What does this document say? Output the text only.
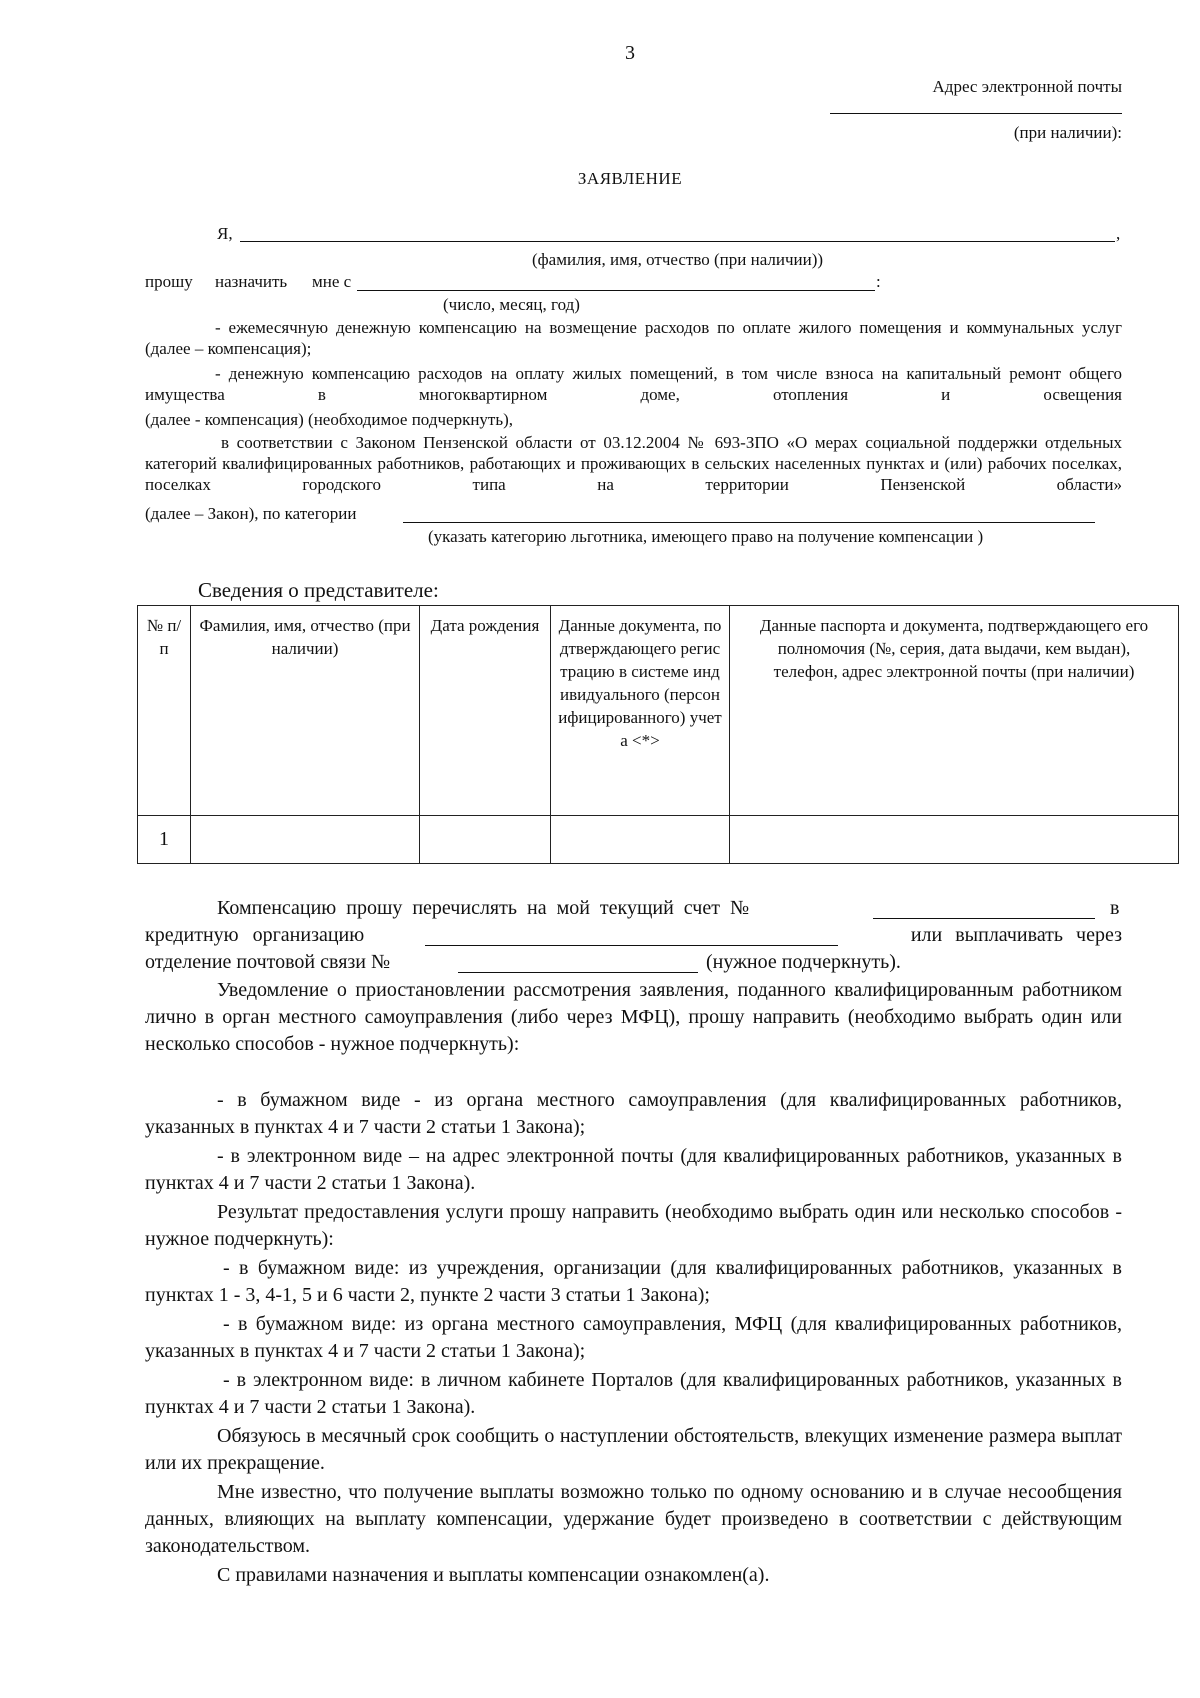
3
Адрес электронной почты
(при наличии):
ЗАЯВЛЕНИЕ
Я,	,
(фамилия, имя, отчество (при наличии))
прошу назначить мне с	:
(число, месяц, год)
- ежемесячную денежную компенсацию на возмещение расходов по оплате жилого помещения и коммунальных услуг (далее – компенсация);
- денежную компенсацию расходов на оплату жилых помещений, в том числе взноса на капитальный ремонт общего имущества в многоквартирном доме, отопления и освещения
(далее - компенсация) (необходимое подчеркнуть),
в соответствии с Законом Пензенской области от 03.12.2004 № 693-ЗПО «О мерах социальной поддержки отдельных категорий квалифицированных работников, работающих и проживающих в сельских населенных пунктах и (или) рабочих поселках, поселках городского типа на территории Пензенской области»
(далее – Закон), по категории
(указать категорию льготника, имеющего право на получение компенсации )
Сведения о представителе:
№ п/п	Фамилия, имя, отчество (при наличии)	Дата рождения	Данные документа, подтверждающего регистрацию в системе индивидуального (персонифицированного) учета <*>	Данные паспорта и документа, подтверждающего его полномочия (№, серия, дата выдачи, кем выдан), телефон, адрес электронной почты (при наличии)
1				
Компенсацию прошу перечислять на мой текущий счет №	в
кредитную организацию	или выплачивать через
отделение почтовой связи №	(нужное подчеркнуть).
Уведомление о приостановлении рассмотрения заявления, поданного квалифицированным работником лично в орган местного самоуправления (либо через МФЦ), прошу направить (необходимо выбрать один или несколько способов - нужное подчеркнуть):
- в бумажном виде - из органа местного самоуправления (для квалифицированных работников, указанных в пунктах 4 и 7 части 2 статьи 1 Закона);
- в электронном виде – на адрес электронной почты (для квалифицированных работников, указанных в пунктах 4 и 7 части 2 статьи 1 Закона).
Результат предоставления услуги прошу направить (необходимо выбрать один или несколько способов - нужное подчеркнуть):
- в бумажном виде: из учреждения, организации (для квалифицированных работников, указанных в пунктах 1 - 3, 4-1, 5 и 6 части 2, пункте 2 части 3 статьи 1 Закона);
- в бумажном виде: из органа местного самоуправления, МФЦ (для квалифицированных работников, указанных в пунктах 4 и 7 части 2 статьи 1 Закона);
- в электронном виде: в личном кабинете Порталов (для квалифицированных работников, указанных в пунктах 4 и 7 части 2 статьи 1 Закона).
Обязуюсь в месячный срок сообщить о наступлении обстоятельств, влекущих изменение размера выплат или их прекращение.
Мне известно, что получение выплаты возможно только по одному основанию и в случае несообщения данных, влияющих на выплату компенсации, удержание будет произведено в соответствии с действующим законодательством.
С правилами назначения и выплаты компенсации ознакомлен(а).
